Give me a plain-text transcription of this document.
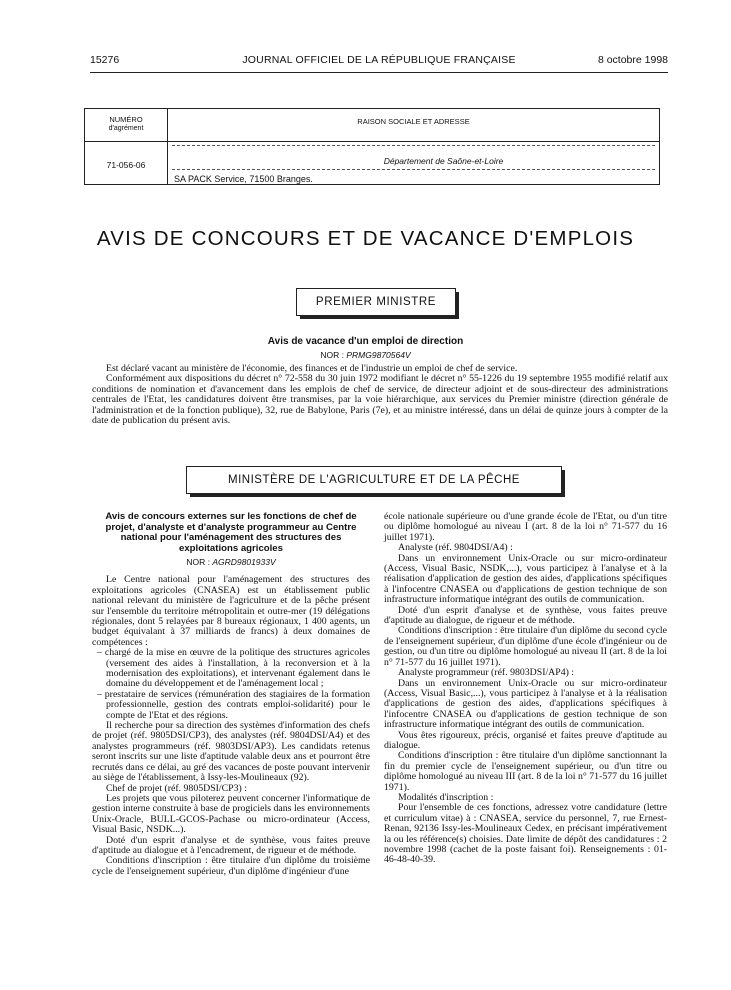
15276	JOURNAL OFFICIEL DE LA RÉPUBLIQUE FRANÇAISE	8 octobre 1998
NUMÉRO
d'agrément	RAISON SOCIALE ET ADRESSE
71-056-06	Département de Saône-et-Loire
SA PACK Service, 71500 Branges.
AVIS DE CONCOURS ET DE VACANCE D'EMPLOIS
PREMIER MINISTRE
Avis de vacance d'un emploi de direction
NOR : PRMG9870564V

Est déclaré vacant au ministère de l'économie, des finances et de l'industrie un emploi de chef de service.

Conformément aux dispositions du décret n° 72-558 du 30 juin 1972 modifiant le décret n° 55-1226 du 19 septembre 1955 modifié relatif aux conditions de nomination et d'avancement dans les emplois de chef de service, de directeur adjoint et de sous-directeur des administrations centrales de l'Etat, les candidatures doivent être transmises, par la voie hiérarchique, aux services du Premier ministre (direction générale de l'administration et de la fonction publique), 32, rue de Babylone, Paris (7e), et au ministre intéressé, dans un délai de quinze jours à compter de la date de publication du présent avis.

MINISTÈRE DE L'AGRICULTURE ET DE LA PÊCHE
Avis de concours externes sur les fonctions de chef de projet, d'analyste et d'analyste programmeur au Centre national pour l'aménagement des structures des exploitations agricoles
NOR : AGRD9801933V

Le Centre national pour l'aménagement des structures des exploitations agricoles (CNASEA) est un établissement public national relevant du ministère de l'agriculture et de la pêche présent sur l'ensemble du territoire métropolitain et outre-mer (19 délégations régionales, dont 5 relayées par 8 bureaux régionaux, 1 400 agents, un budget équivalant à 37 milliards de francs) à deux domaines de compétences :

– chargé de la mise en œuvre de la politique des structures agricoles (versement des aides à l'installation, à la reconversion et à la modernisation des exploitations), et intervenant également dans le domaine du développement et de l'aménagement local ;

– prestataire de services (rémunération des stagiaires de la formation professionnelle, gestion des contrats emploi-solidarité) pour le compte de l'Etat et des régions.

Il recherche pour sa direction des systèmes d'information des chefs de projet (réf. 9805DSI/CP3), des analystes (réf. 9804DSI/A4) et des analystes programmeurs (réf. 9803DSI/AP3). Les candidats retenus seront inscrits sur une liste d'aptitude valable deux ans et pourront être recrutés dans ce délai, au gré des vacances de poste pouvant intervenir au siège de l'établissement, à Issy-les-Moulineaux (92).

Chef de projet (réf. 9805DSI/CP3) :

Les projets que vous piloterez peuvent concerner l'informatique de gestion interne construite à base de progiciels dans les environnements Unix-Oracle, BULL-GCOS-Pachase ou micro-ordinateur (Access, Visual Basic, NSDK...).

Doté d'un esprit d'analyse et de synthèse, vous faites preuve d'aptitude au dialogue et à l'encadrement, de rigueur et de méthode.

Conditions d'inscription : être titulaire d'un diplôme du troisième cycle de l'enseignement supérieur, d'un diplôme d'ingénieur d'une

école nationale supérieure ou d'une grande école de l'Etat, ou d'un titre ou diplôme homologué au niveau I (art. 8 de la loi n° 71-577 du 16 juillet 1971).

Analyste (réf. 9804DSI/A4) :

Dans un environnement Unix-Oracle ou sur micro-ordinateur (Access, Visual Basic, NSDK,...), vous participez à l'analyse et à la réalisation d'application de gestion des aides, d'applications spécifiques à l'infocentre CNASEA ou d'applications de gestion technique de son infrastructure informatique intégrant des outils de communication.

Doté d'un esprit d'analyse et de synthèse, vous faites preuve d'aptitude au dialogue, de rigueur et de méthode.

Conditions d'inscription : être titulaire d'un diplôme du second cycle de l'enseignement supérieur, d'un diplôme d'une école d'ingénieur ou de gestion, ou d'un titre ou diplôme homologué au niveau II (art. 8 de la loi n° 71-577 du 16 juillet 1971).

Analyste programmeur (réf. 9803DSI/AP4) :

Dans un environnement Unix-Oracle ou sur micro-ordinateur (Access, Visual Basic,...), vous participez à l'analyse et à la réalisation d'applications de gestion des aides, d'applications spécifiques à l'infocentre CNASEA ou d'applications de gestion technique de son infrastructure informatique intégrant des outils de communication.

Vous êtes rigoureux, précis, organisé et faites preuve d'aptitude au dialogue.

Conditions d'inscription : être titulaire d'un diplôme sanctionnant la fin du premier cycle de l'enseignement supérieur, ou d'un titre ou diplôme homologué au niveau III (art. 8 de la loi n° 71-577 du 16 juillet 1971).

Modalités d'inscription :

Pour l'ensemble de ces fonctions, adressez votre candidature (lettre et curriculum vitae) à : CNASEA, service du personnel, 7, rue Ernest-Renan, 92136 Issy-les-Moulineaux Cedex, en précisant impérativement la ou les référence(s) choisies. Date limite de dépôt des candidatures : 2 novembre 1998 (cachet de la poste faisant foi). Renseignements : 01-46-48-40-39.
